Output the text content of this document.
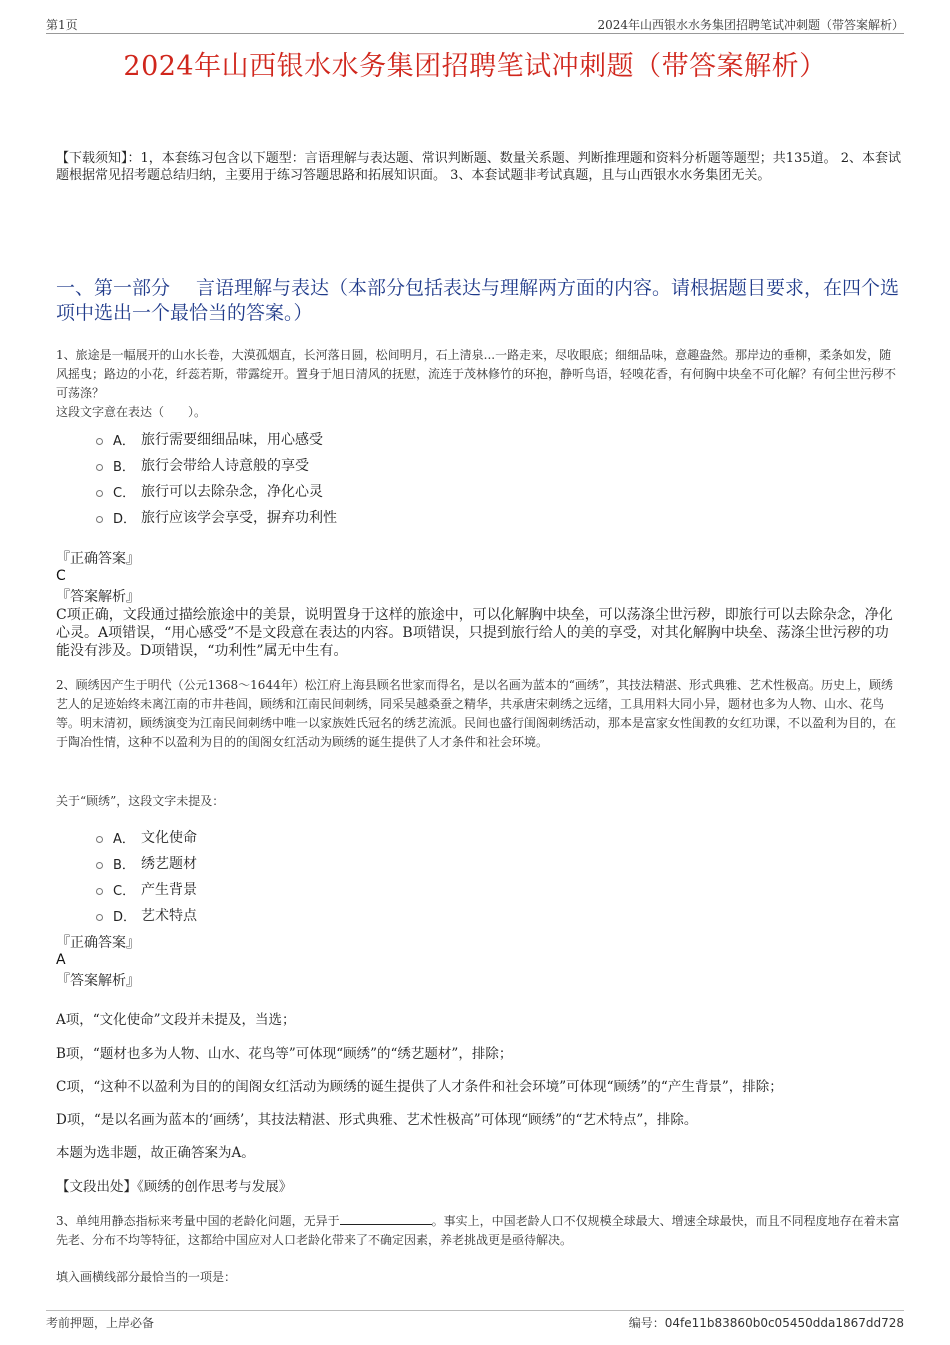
第1页	2024年山西银水水务集团招聘笔试冲刺题（带答案解析）
2024年山西银水水务集团招聘笔试冲刺题（带答案解析）
【下载须知】：1，本套练习包含以下题型：言语理解与表达题、常识判断题、数量关系题、判断推理题和资料分析题等题型；共135道。 2、本套试题根据常见招考题总结归纳，主要用于练习答题思路和拓展知识面。 3、本套试题非考试真题，且与山西银水水务集团无关。
一、第一部分 言语理解与表达（本部分包括表达与理解两方面的内容。请根据题目要求，在四个选项中选出一个最恰当的答案。）
1、旅途是一幅展开的山水长卷，大漠孤烟直，长河落日圆，松间明月，石上清泉...一路走来，尽收眼底；细细品味，意趣盎然。那岸边的垂柳，柔条如发，随风摇曳；路边的小花，纤蕊若斯，带露绽开。置身于旭日清风的抚慰，流连于茂林修竹的环抱，静听鸟语，轻嗅花香，有何胸中块垒不可化解？有何尘世污秽不可荡涤？
这段文字意在表达（　　）。
A． 旅行需要细细品味，用心感受
B． 旅行会带给人诗意般的享受
C． 旅行可以去除杂念，净化心灵
D． 旅行应该学会享受，摒弃功利性
『正确答案』
C
『答案解析』
C项正确，文段通过描绘旅途中的美景，说明置身于这样的旅途中，可以化解胸中块垒，可以荡涤尘世污秽，即旅行可以去除杂念，净化心灵。A项错误，“用心感受”不是文段意在表达的内容。B项错误，只提到旅行给人的美的享受，对其化解胸中块垒、荡涤尘世污秽的功能没有涉及。D项错误，“功利性”属无中生有。
2、顾绣因产生于明代（公元1368～1644年）松江府上海县顾名世家而得名，是以名画为蓝本的“画绣”，其技法精湛、形式典雅、艺术性极高。历史上，顾绣艺人的足迹始终未离江南的市井巷闾，顾绣和江南民间刺绣，同采吴越桑蚕之精华，共承唐宋刺绣之远绪，工具用料大同小异，题材也多为人物、山水、花鸟等。明末清初，顾绣演变为江南民间刺绣中唯一以家族姓氏冠名的绣艺流派。民间也盛行闺阁刺绣活动，那本是富家女性闺教的女红功课，不以盈利为目的，在于陶冶性情，这种不以盈利为目的的闺阁女红活动为顾绣的诞生提供了人才条件和社会环境。
关于“顾绣”，这段文字未提及：
A． 文化使命
B． 绣艺题材
C． 产生背景
D． 艺术特点
『正确答案』
A
『答案解析』
A项，“文化使命”文段并未提及，当选；
B项，“题材也多为人物、山水、花鸟等”可体现“顾绣”的“绣艺题材”，排除；
C项，“这种不以盈利为目的的闺阁女红活动为顾绣的诞生提供了人才条件和社会环境”可体现“顾绣”的“产生背景”，排除；
D项，“是以名画为蓝本的‘画绣’，其技法精湛、形式典雅、艺术性极高”可体现“顾绣”的“艺术特点”，排除。
本题为选非题，故正确答案为A。
【文段出处】《顾绣的创作思考与发展》
3、单纯用静态指标来考量中国的老龄化问题，无异于	。事实上，中国老龄人口不仅规模全球最大、增速全球最快，而且不同程度地存在着未富先老、分布不均等特征，这都给中国应对人口老龄化带来了不确定因素，养老挑战更是亟待解决。
填入画横线部分最恰当的一项是：
考前押题，上岸必备	编号：04fe11b83860b0c05450dda1867dd728
